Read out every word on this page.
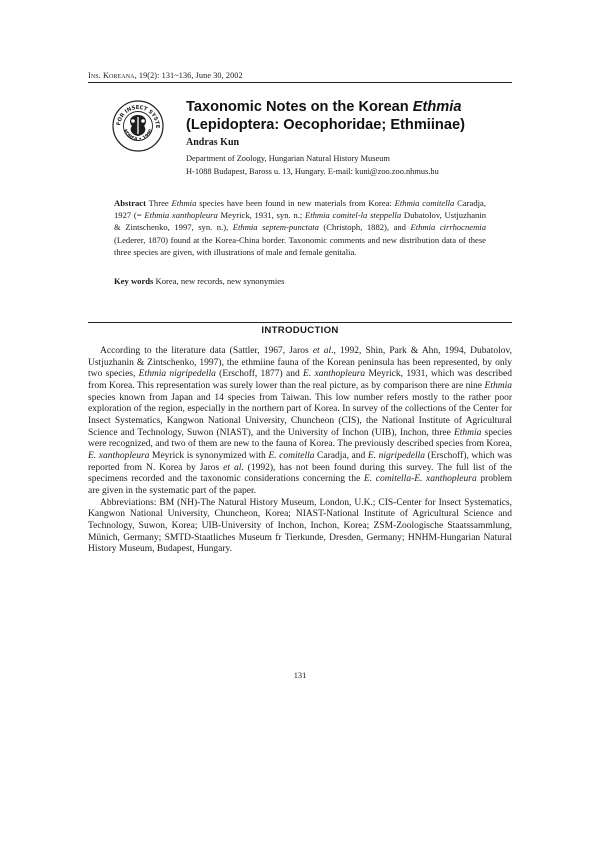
Ins. Koreana, 19(2): 131~136, June 30, 2002
FOR INSECT SYSTE
KOREA • 1990
Taxonomic Notes on the Korean Ethmia
(Lepidoptera: Oecophoridae; Ethmiinae)
Andras Kun
Department of Zoology, Hungarian Natural History Museum
H-1088 Budapest, Baross u. 13, Hungary. E-mail: kuni@zoo.zoo.nhmus.hu
Abstract Three Ethmia species have been found in new materials from Korea: Ethmia comitella Caradja, 1927 (= Ethmia xanthopleura Meyrick, 1931, syn. n.; Ethmia comitel-la steppella Dubatolov, Ustjuzhanin & Zintschenko, 1997, syn. n.), Ethmia septem-punctata (Christoph, 1882), and Ethmia cirrhocnemia (Lederer, 1870) found at the Korea-China border. Taxonomic comments and new distribution data of these three species are given, with illustrations of male and female genitalia.
Key words Korea, new records, new synonymies
INTRODUCTION

According to the literature data (Sattler, 1967, Jaros et al., 1992, Shin, Park & Ahn, 1994, Dubatolov, Ustjuzhanin & Zintschenko, 1997), the ethmiine fauna of the Korean peninsula has been represented, by only two species, Ethmia nigripedella (Erschoff, 1877) and E. xanthopleura Meyrick, 1931, which was described from Korea. This representation was surely lower than the real picture, as by comparison there are nine Ethmia species known from Japan and 14 species from Taiwan. This low number refers mostly to the rather poor exploration of the region, especially in the northern part of Korea. In survey of the collections of the Center for Insect Systematics, Kangwon National University, Chuncheon (CIS), the National Institute of Agricultural Science and Technology, Suwon (NIAST), and the University of Inchon (UIB), Inchon, three Ethmia species were recognized, and two of them are new to the fauna of Korea. The previously described species from Korea, E. xanthopleura Meyrick is synonymized with E. comitella Caradja, and E. nigripedella (Erschoff), which was reported from N. Korea by Jaros et al. (1992), has not been found during this survey. The full list of the specimens recorded and the taxonomic considerations concerning the E. comitella-E. xanthopleura problem are given in the systematic part of the paper.

Abbreviations: BM (NH)-The Natural History Museum, London, U.K.; CIS-Center for Insect Systematics, Kangwon National University, Chuncheon, Korea; NIAST-National Institute of Agricultural Science and Technology, Suwon, Korea; UIB-University of Inchon, Inchon, Korea; ZSM-Zoologische Staatssammlung, Münich, Germany; SMTD-Staatliches Museum fr Tierkunde, Dresden, Germany; HNHM-Hungarian Natural History Museum, Budapest, Hungary.

131
